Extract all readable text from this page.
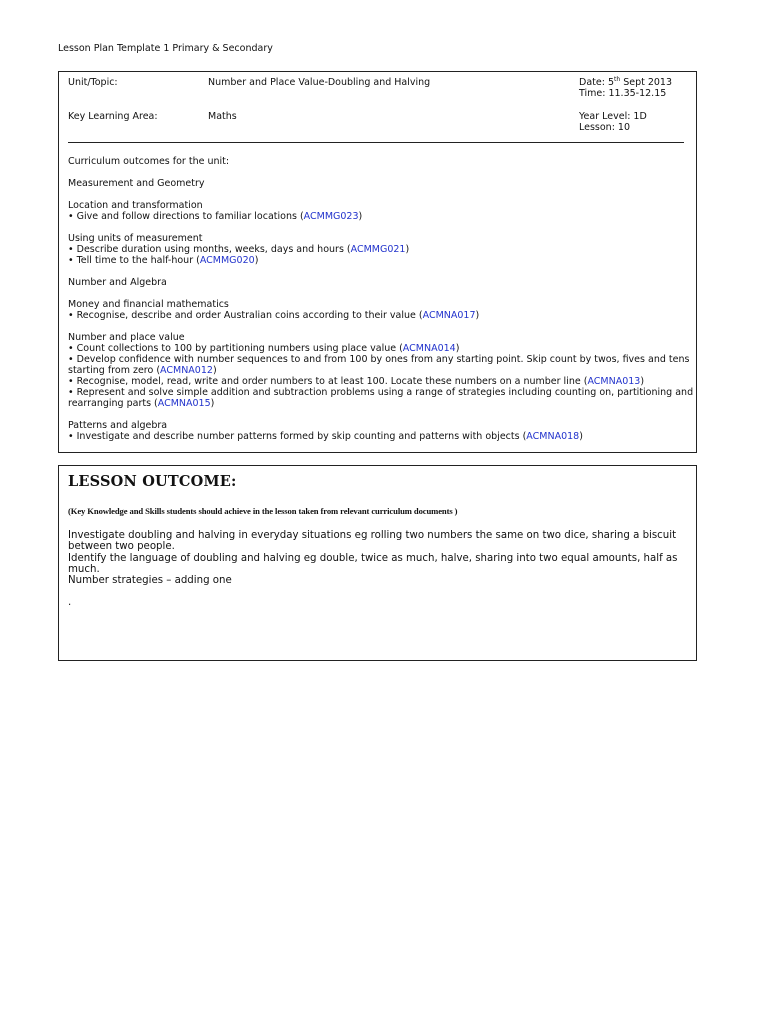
Lesson Plan Template 1 Primary & Secondary
Unit/Topic:	Number and Place Value-Doubling and Halving	Date: 5th Sept 2013
Time: 11.35-12.15
Key Learning Area:	Maths	Year Level: 1D
Lesson: 10

Curriculum outcomes for the unit:

Measurement and Geometry

Location and transformation

• Give and follow directions to familiar locations (ACMMG023)

Using units of measurement

• Describe duration using months, weeks, days and hours (ACMMG021)

• Tell time to the half-hour (ACMMG020)

Number and Algebra

Money and financial mathematics

• Recognise, describe and order Australian coins according to their value (ACMNA017)

Number and place value

• Count collections to 100 by partitioning numbers using place value (ACMNA014)

• Develop confidence with number sequences to and from 100 by ones from any starting point. Skip count by twos, fives and tens

starting from zero (ACMNA012)

• Recognise, model, read, write and order numbers to at least 100. Locate these numbers on a number line (ACMNA013)

• Represent and solve simple addition and subtraction problems using a range of strategies including counting on, partitioning and

rearranging parts (ACMNA015)

Patterns and algebra

• Investigate and describe number patterns formed by skip counting and patterns with objects (ACMNA018)

LESSON OUTCOME:
(Key Knowledge and Skills students should achieve in the lesson taken from relevant curriculum documents )

Investigate doubling and halving in everyday situations eg rolling two numbers the same on two dice, sharing a biscuit

between two people.

Identify the language of doubling and halving eg double, twice as much, halve, sharing into two equal amounts, half as

much.

Number strategies – adding one

.
